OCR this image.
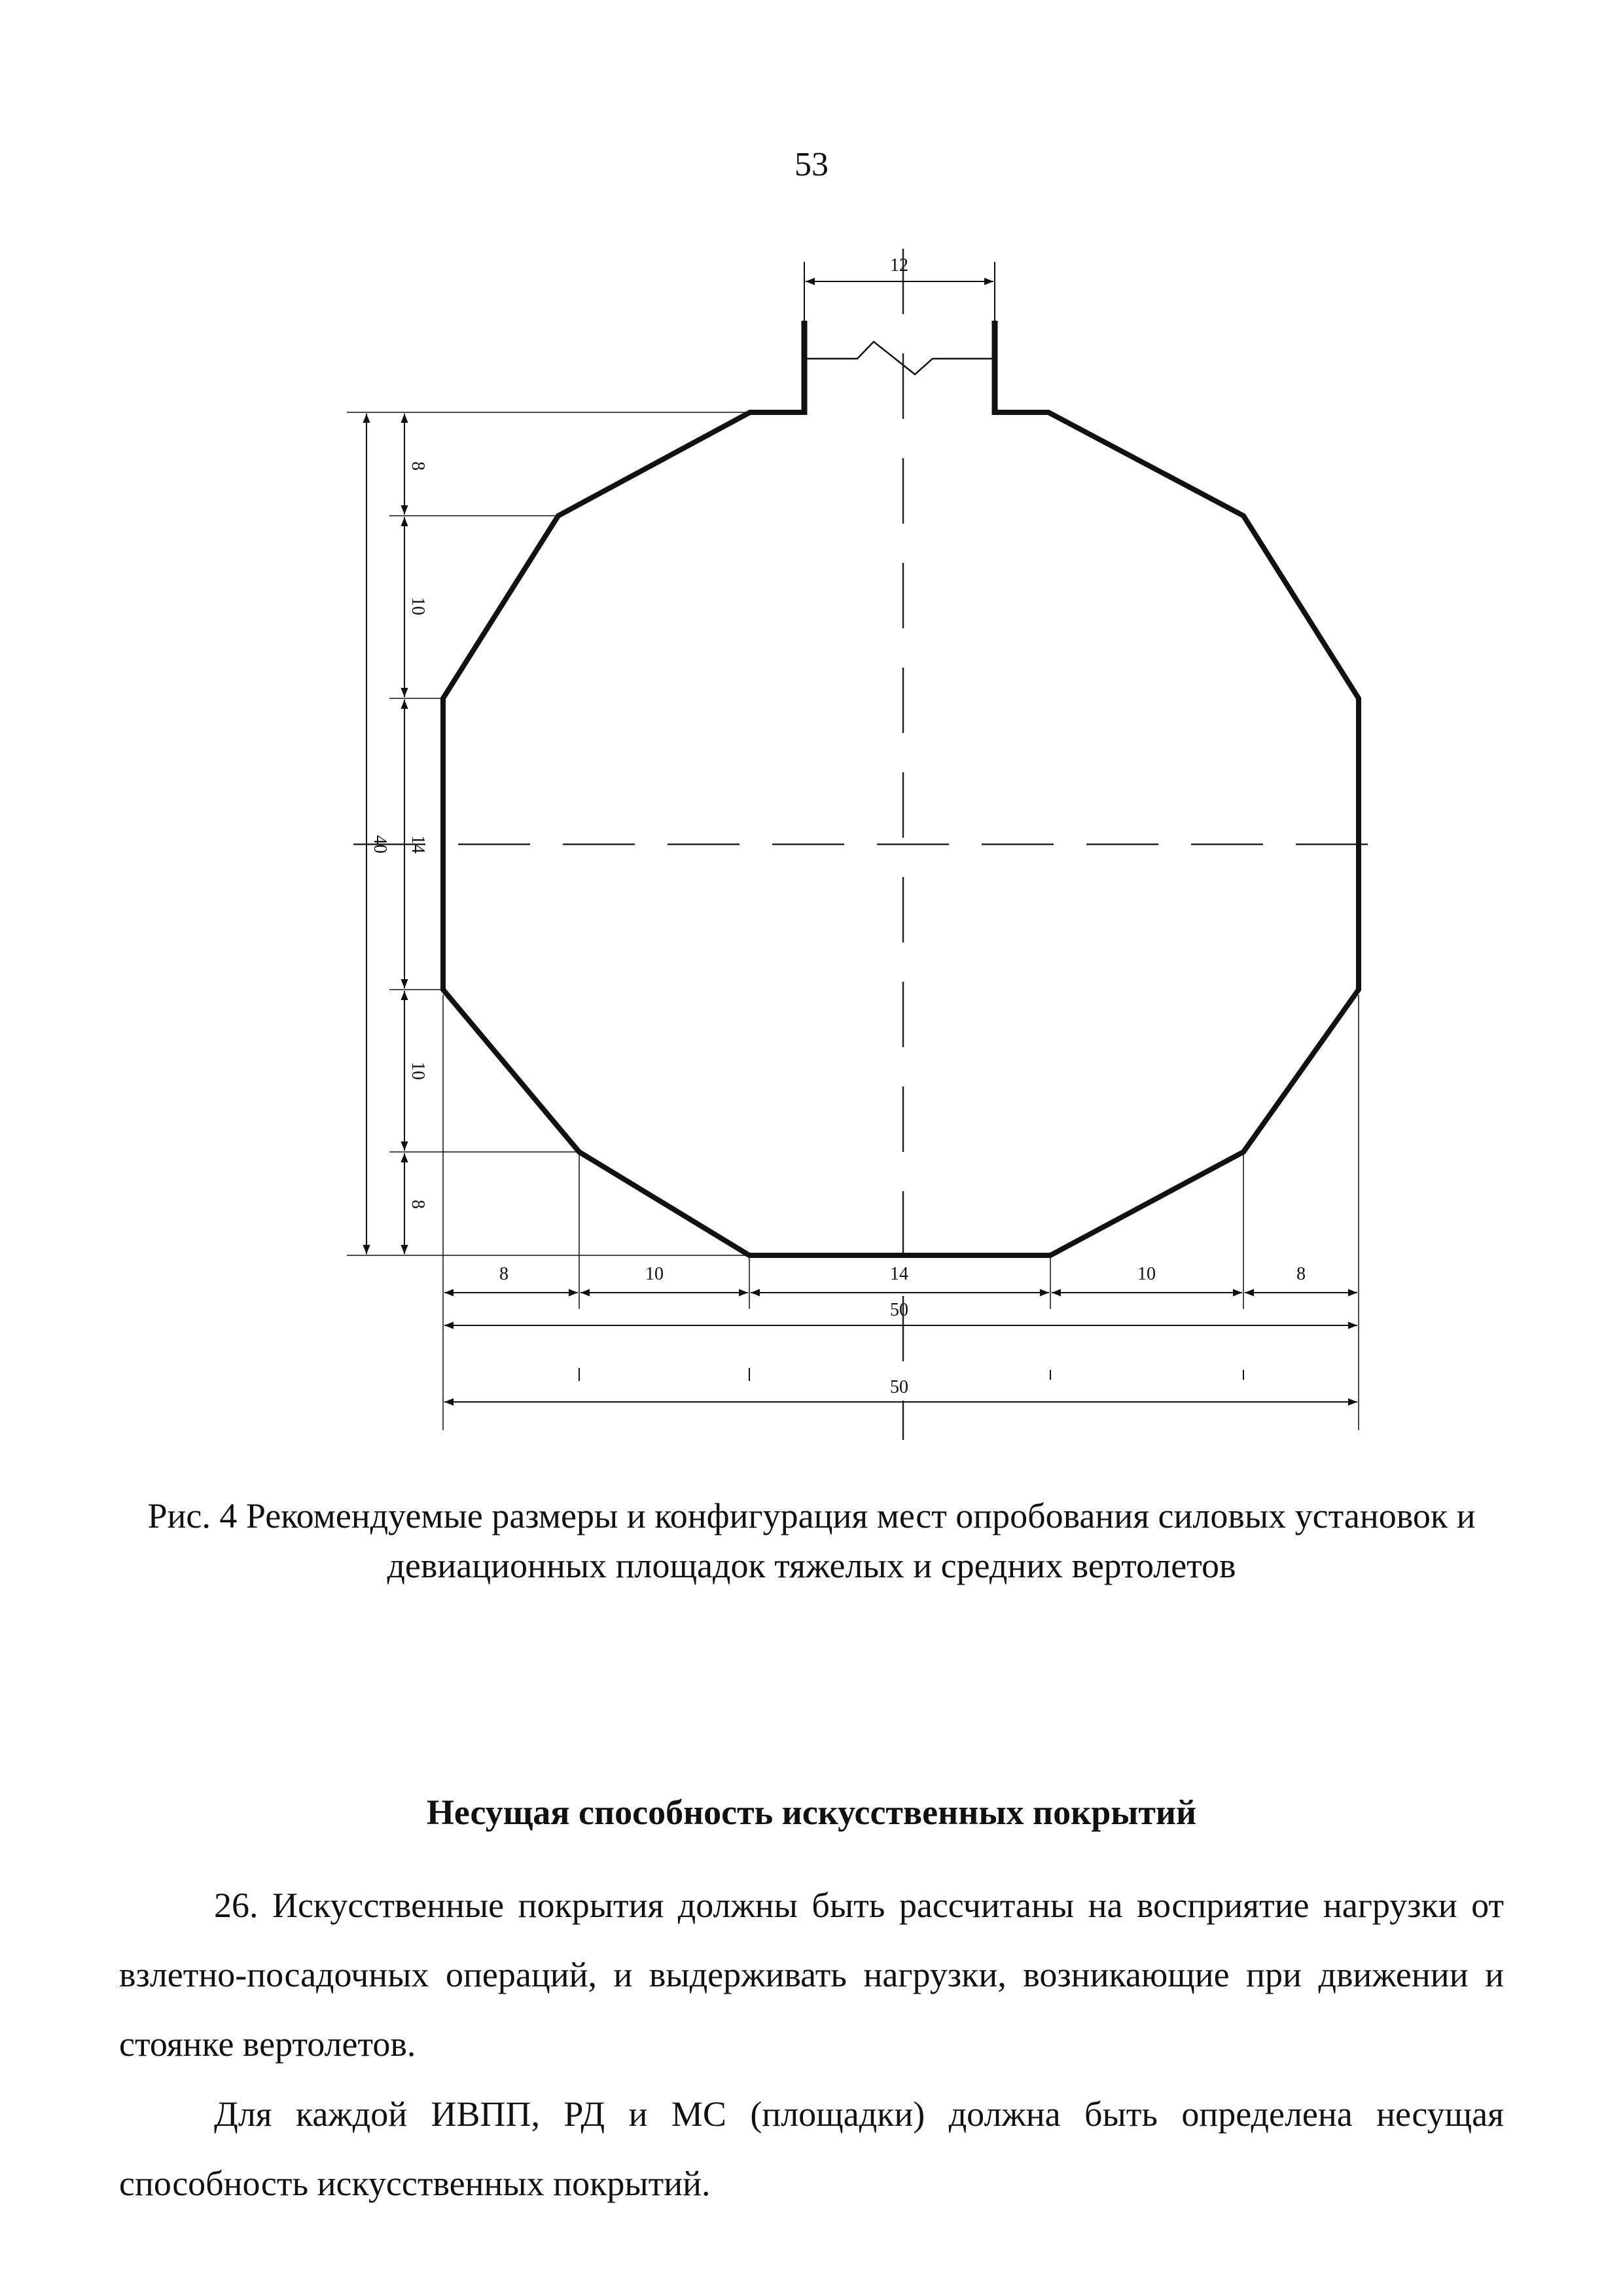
53
12
8
10
14
10
8
40
8	10	14	10	8
50
50
Рис. 4 Рекомендуемые размеры и конфигурация мест опробования силовых установок и девиационных площадок тяжелых и средних вертолетов
Несущая способность искусственных покрытий

26. Искусственные покрытия должны быть рассчитаны на восприятие нагрузки от взлетно-посадочных операций, и выдерживать нагрузки, возникающие при движении и стоянке вертолетов.

Для каждой ИВПП, РД и МС (площадки) должна быть определена несущая способность искусственных покрытий.
